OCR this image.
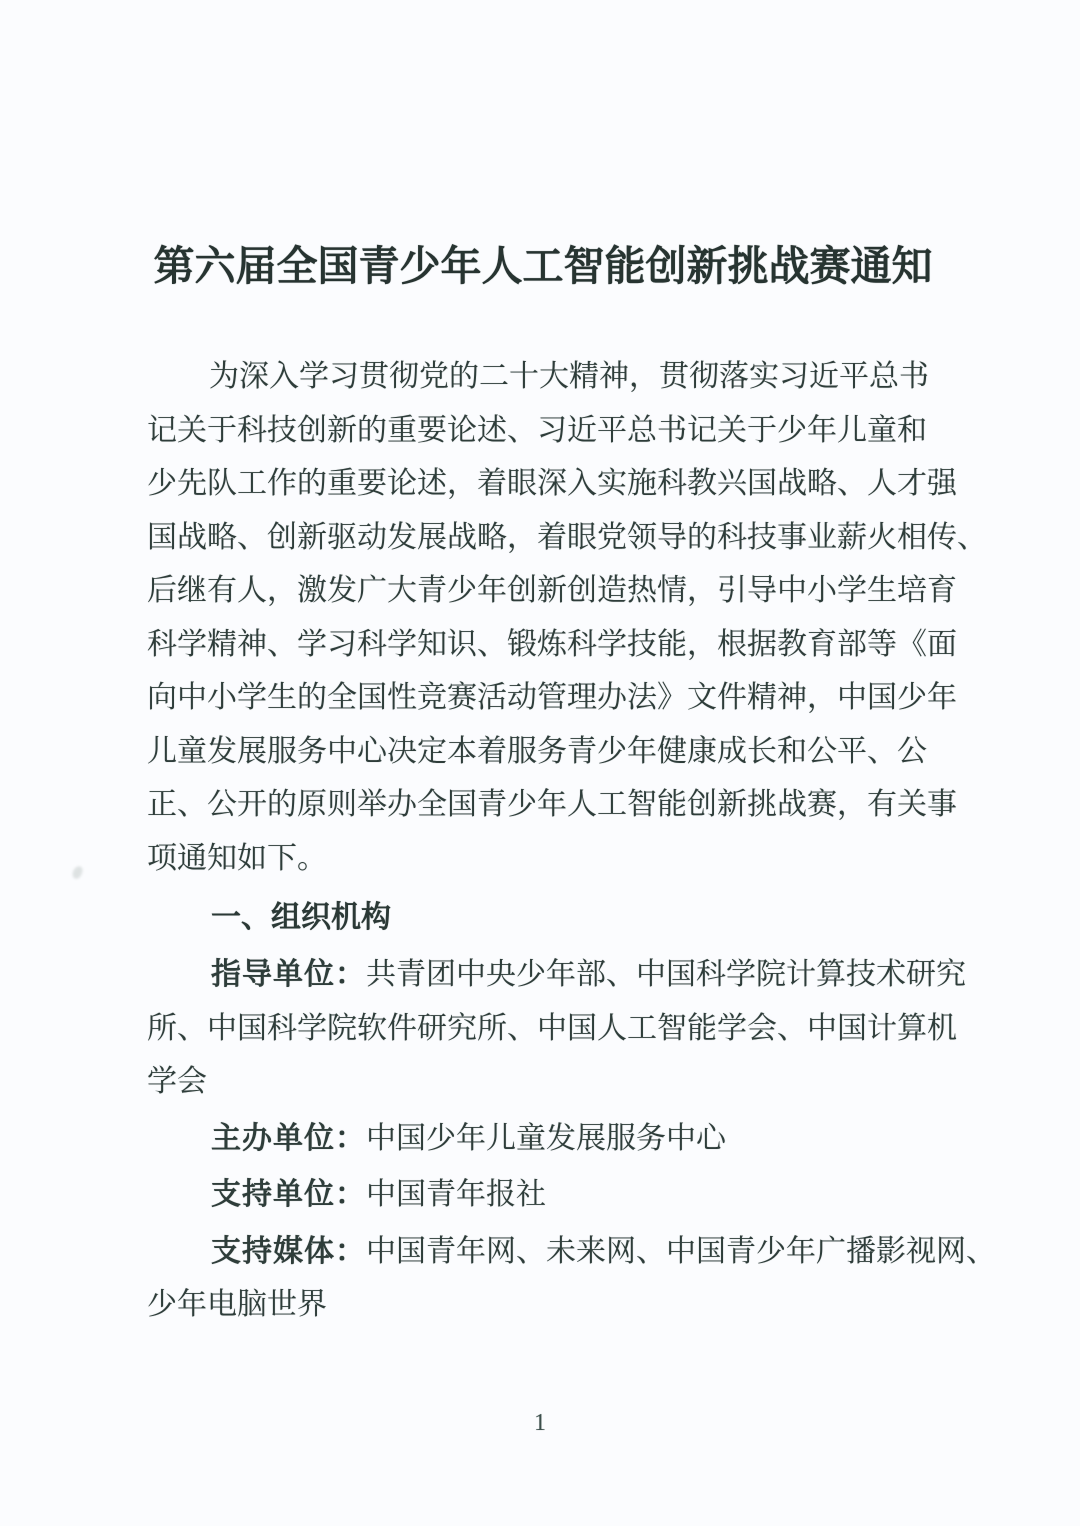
第六届全国青少年人工智能创新挑战赛通知
为深入学习贯彻党的二十大精神，贯彻落实习近平总书
记关于科技创新的重要论述、习近平总书记关于少年儿童和
少先队工作的重要论述，着眼深入实施科教兴国战略、人才强
国战略、创新驱动发展战略，着眼党领导的科技事业薪火相传、
后继有人，激发广大青少年创新创造热情，引导中小学生培育
科学精神、学习科学知识、锻炼科学技能，根据教育部等《面
向中小学生的全国性竞赛活动管理办法》文件精神，中国少年
儿童发展服务中心决定本着服务青少年健康成长和公平、公
正、公开的原则举办全国青少年人工智能创新挑战赛，有关事
项通知如下。
一、组织机构
指导单位：共青团中央少年部、中国科学院计算技术研究
所、中国科学院软件研究所、中国人工智能学会、中国计算机
学会
主办单位：中国少年儿童发展服务中心
支持单位：中国青年报社
支持媒体：中国青年网、未来网、中国青少年广播影视网、
少年电脑世界
1
